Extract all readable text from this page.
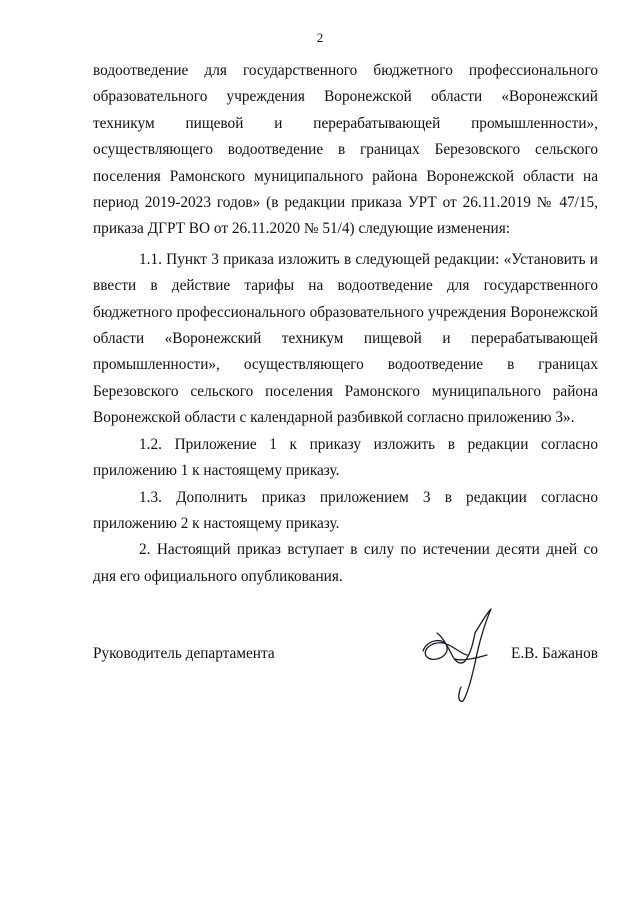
2

водоотведение для государственного бюджетного профессионального образовательного учреждения Воронежской области «Воронежский техникум пищевой и перерабатывающей промышленности», осуществляющего водоотведение в границах Березовского сельского поселения Рамонского муниципального района Воронежской области на период 2019-2023 годов» (в редакции приказа УРТ от 26.11.2019 № 47/15, приказа ДГРТ ВО от 26.11.2020 № 51/4) следующие изменения:

1.1. Пункт 3 приказа изложить в следующей редакции: «Установить и ввести в действие тарифы на водоотведение для государственного бюджетного профессионального образовательного учреждения Воронежской области «Воронежский техникум пищевой и перерабатывающей промышленности», осуществляющего водоотведение в границах Березовского сельского поселения Рамонского муниципального района Воронежской области с календарной разбивкой согласно приложению 3».

1.2. Приложение 1 к приказу изложить в редакции согласно приложению 1 к настоящему приказу.

1.3. Дополнить приказ приложением 3 в редакции согласно приложению 2 к настоящему приказу.

2. Настоящий приказ вступает в силу по истечении десяти дней со дня его официального опубликования.

Руководитель департамента	Е.В. Бажанов
